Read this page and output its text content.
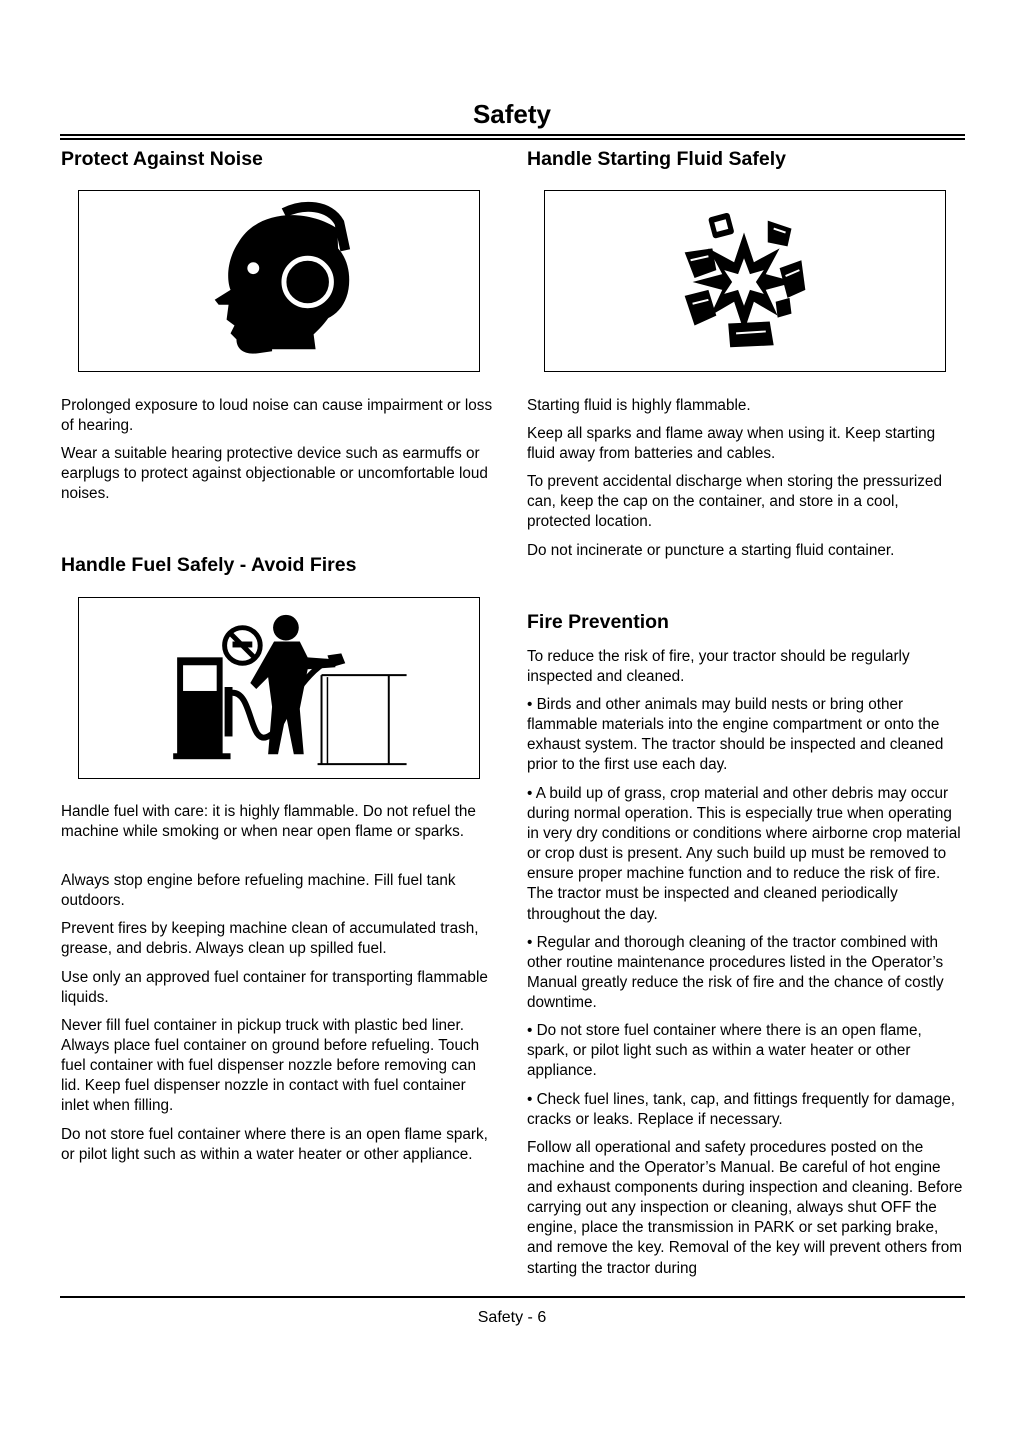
Safety
Protect Against Noise

Prolonged exposure to loud noise can cause impairment or loss of hearing.

Wear a suitable hearing protective device such as earmuffs or earplugs to protect against objectionable or uncomfortable loud noises.

Handle Fuel Safely - Avoid Fires

Handle fuel with care: it is highly flammable. Do not refuel the machine while smoking or when near open flame or sparks.

Always stop engine before refueling machine. Fill fuel tank outdoors.

Prevent fires by keeping machine clean of accumulated trash, grease, and debris. Always clean up spilled fuel.

Use only an approved fuel container for transporting flammable liquids.

Never fill fuel container in pickup truck with plastic bed liner. Always place fuel container on ground before refueling. Touch fuel container with fuel dispenser nozzle before removing can lid. Keep fuel dispenser nozzle in contact with fuel container inlet when filling.

Do not store fuel container where there is an open flame spark, or pilot light such as within a water heater or other appliance.

Handle Starting Fluid Safely

Starting fluid is highly flammable.

Keep all sparks and flame away when using it. Keep starting fluid away from batteries and cables.

To prevent accidental discharge when storing the pressurized can, keep the cap on the container, and store in a cool, protected location.

Do not incinerate or puncture a starting fluid container.

Fire Prevention

To reduce the risk of fire, your tractor should be regularly inspected and cleaned.

• Birds and other animals may build nests or bring other flammable materials into the engine compartment or onto the exhaust system. The tractor should be inspected and cleaned prior to the first use each day.

• A build up of grass, crop material and other debris may occur during normal operation. This is especially true when operating in very dry conditions or conditions where airborne crop material or crop dust is present. Any such build up must be removed to ensure proper machine function and to reduce the risk of fire. The tractor must be inspected and cleaned periodically throughout the day.

• Regular and thorough cleaning of the tractor combined with other routine maintenance procedures listed in the Operator’s Manual greatly reduce the risk of fire and the chance of costly downtime.

• Do not store fuel container where there is an open flame, spark, or pilot light such as within a water heater or other appliance.

• Check fuel lines, tank, cap, and fittings frequently for damage, cracks or leaks. Replace if necessary.

Follow all operational and safety procedures posted on the machine and the Operator’s Manual. Be careful of hot engine and exhaust components during inspection and cleaning. Before carrying out any inspection or cleaning, always shut OFF the engine, place the transmission in PARK or set parking brake, and remove the key. Removal of the key will prevent others from starting the tractor during

Safety - 6
